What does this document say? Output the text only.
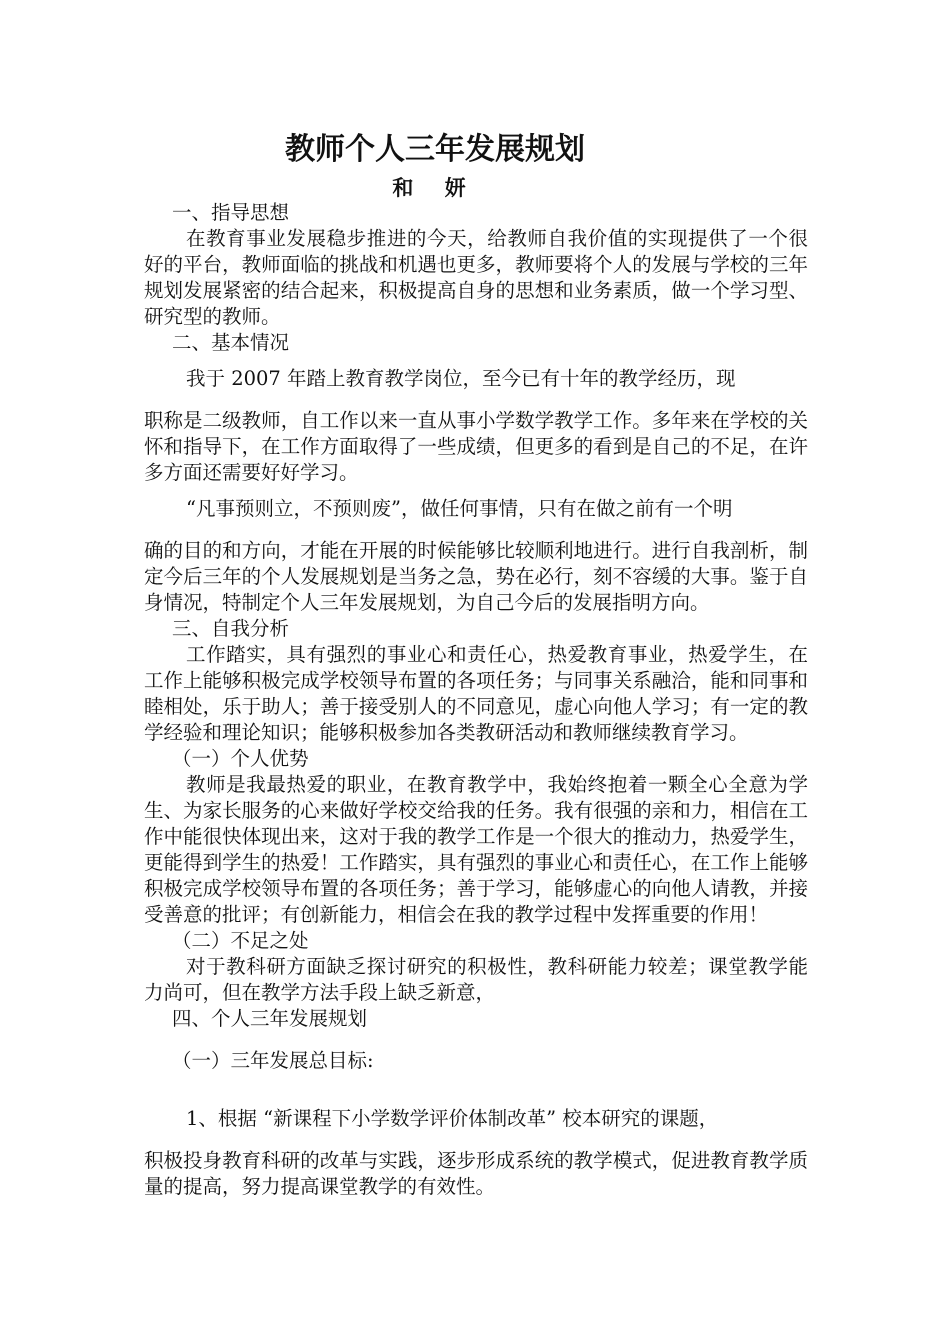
教师个人三年发展规划
和 妍

一、指导思想

在教育事业发展稳步推进的今天，给教师自我价值的实现提供了一个很好的平台，教师面临的挑战和机遇也更多，教师要将个人的发展与学校的三年规划发展紧密的结合起来，积极提高自身的思想和业务素质，做一个学习型、研究型的教师。

二、基本情况

我于 2007 年踏上教育教学岗位，至今已有十年的教学经历，现

职称是二级教师，自工作以来一直从事小学数学教学工作。多年来在学校的关怀和指导下，在工作方面取得了一些成绩，但更多的看到是自己的不足，在许多方面还需要好好学习。

“凡事预则立，不预则废”，做任何事情，只有在做之前有一个明

确的目的和方向，才能在开展的时候能够比较顺利地进行。进行自我剖析，制定今后三年的个人发展规划是当务之急，势在必行，刻不容缓的大事。鉴于自身情况，特制定个人三年发展规划，为自己今后的发展指明方向。

三、自我分析

工作踏实，具有强烈的事业心和责任心，热爱教育事业，热爱学生，在工作上能够积极完成学校领导布置的各项任务；与同事关系融洽，能和同事和睦相处，乐于助人；善于接受别人的不同意见，虚心向他人学习；有一定的教学经验和理论知识；能够积极参加各类教研活动和教师继续教育学习。

（一）个人优势

教师是我最热爱的职业，在教育教学中，我始终抱着一颗全心全意为学生、为家长服务的心来做好学校交给我的任务。我有很强的亲和力，相信在工作中能很快体现出来，这对于我的教学工作是一个很大的推动力，热爱学生，更能得到学生的热爱！工作踏实，具有强烈的事业心和责任心，在工作上能够积极完成学校领导布置的各项任务；善于学习，能够虚心的向他人请教，并接受善意的批评；有创新能力，相信会在我的教学过程中发挥重要的作用！

（二）不足之处

对于教科研方面缺乏探讨研究的积极性，教科研能力较差；课堂教学能力尚可，但在教学方法手段上缺乏新意，

四、个人三年发展规划

（一）三年发展总目标:

1、根据 “新课程下小学数学评价体制改革” 校本研究的课题，

积极投身教育科研的改革与实践，逐步形成系统的教学模式，促进教育教学质量的提高，努力提高课堂教学的有效性。
